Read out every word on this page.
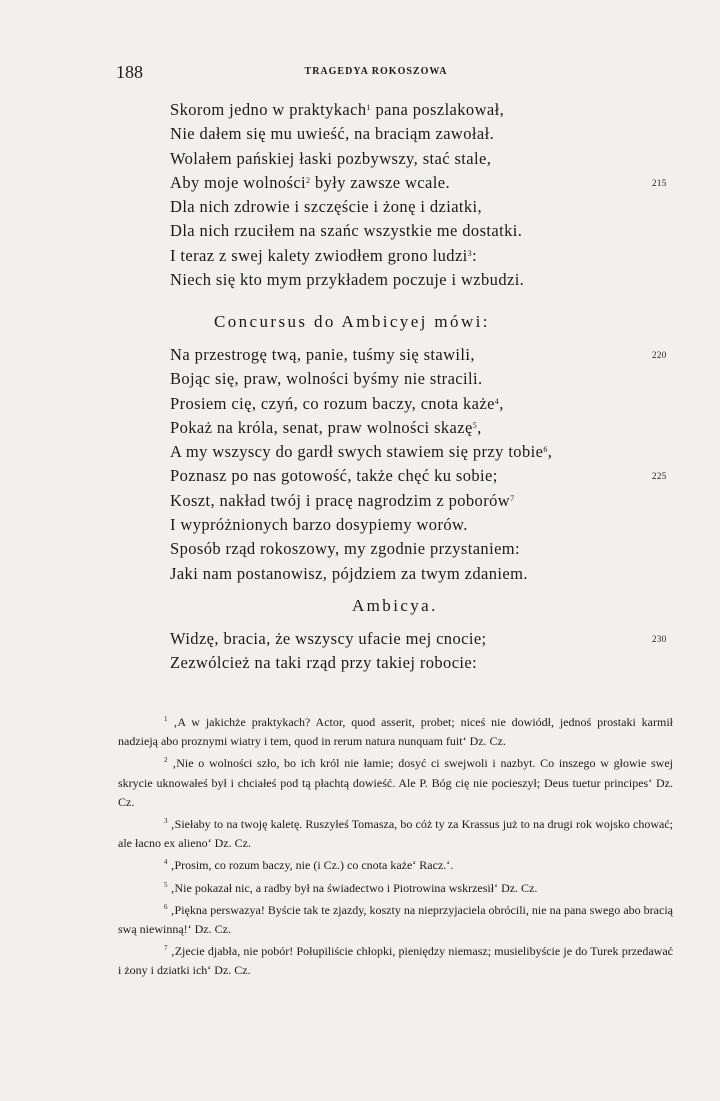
188	TRAGEDYA ROKOSZOWA
Skorom jedno w praktykach$^1$ pana poszlakował,
Nie dałem się mu uwieść, na braciąm zawołał.
Wolałem pańskiej łaski pozbywszy, stać stale,
Aby moje wolności$^2$ były zawsze wcale.	215
Dla nich zdrowie i szczęście i żonę i dziatki,
Dla nich rzuciłem na szańc wszystkie me dostatki.
I teraz z swej kalety zwiodłem grono ludzi$^3$:
Niech się kto mym przykładem poczuje i wzbudzi.
Concursus do Ambicyej mówi:
Na przestrogę twą, panie, tuśmy się stawili,	220
Bojąc się, praw, wolności byśmy nie stracili.
Prosiem cię, czyń, co rozum baczy, cnota każe$^4$,
Pokaż na króla, senat, praw wolności skazę$^5$,
A my wszyscy do gardł swych stawiem się przy tobie$^6$,
Poznasz po nas gotowość, także chęć ku sobie;	225
Koszt, nakład twój i pracę nagrodzim z poborów$^7$
I wypróżnionych barzo dosypiemy worów.
Sposób rząd rokoszowy, my zgodnie przystaniem:
Jaki nam postanowisz, pójdziem za twym zdaniem.
Ambicya.
Widzę, bracia, że wszyscy ufacie mej cnocie;	230
Zezwólcież na taki rząd przy takiej robocie:
$^1$ ‚A w jakichże praktykach? Actor, quod asserit, probet; niceś nie dowiódł, jednoś prostaki karmił nadzieją abo proznymi wiatry i tem, quod in rerum natura nunquam fuit‘ Dz. Cz.
$^2$ ‚Nie o wolności szło, bo ich król nie łamie; dosyć ci swejwoli i nazbyt. Co inszego w głowie swej skrycie uknowałeś był i chciałeś pod tą płachtą dowieść. Ale P. Bóg cię nie pocieszył; Deus tuetur principes‘ Dz. Cz.
$^3$ ‚Siełaby to na twoję kaletę. Ruszyłeś Tomasza, bo cóż ty za Krassus już to na drugi rok wojsko chować; ale łacno ex alieno‘ Dz. Cz.
$^4$ ‚Prosim, co rozum baczy, nie (i Cz.) co cnota każe‘ Racz.‘.
$^5$ ‚Nie pokazał nic, a radby był na świadectwo i Piotrowina wskrzesił‘ Dz. Cz.
$^6$ ‚Piękna perswazya! Byście tak te zjazdy, koszty na nieprzyjaciela obrócili, nie na pana swego abo bracią swą niewinną!‘ Dz. Cz.
$^7$ ‚Zjecie djabła, nie pobór! Połupiliście chłopki, pieniędzy niemasz; musielibyście je do Turek przedawać i żony i dziatki ich‘ Dz. Cz.
